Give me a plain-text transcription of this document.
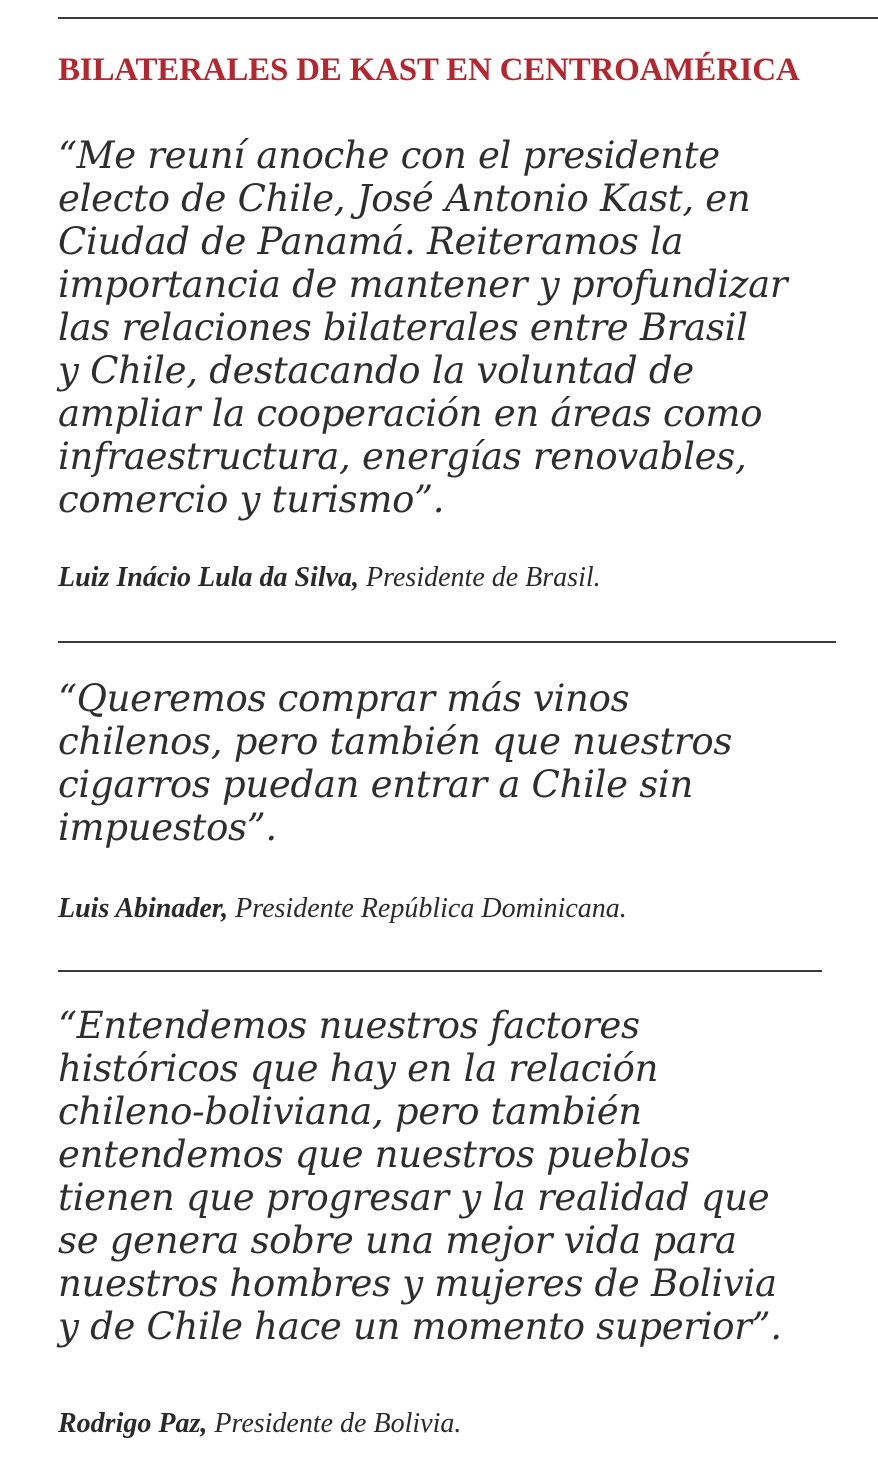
BILATERALES DE KAST EN CENTROAMÉRICA
“Me reuní anoche con el presidente
electo de Chile, José Antonio Kast, en
Ciudad de Panamá. Reiteramos la
importancia de mantener y profundizar
las relaciones bilaterales entre Brasil
y Chile, destacando la voluntad de
ampliar la cooperación en áreas como
infraestructura, energías renovables,
comercio y turismo”.
Luiz Inácio Lula da Silva, Presidente de Brasil.
“Queremos comprar más vinos
chilenos, pero también que nuestros
cigarros puedan entrar a Chile sin
impuestos”.
Luis Abinader, Presidente República Dominicana.
“Entendemos nuestros factores
históricos que hay en la relación
chileno-boliviana, pero también
entendemos que nuestros pueblos
tienen que progresar y la realidad que
se genera sobre una mejor vida para
nuestros hombres y mujeres de Bolivia
y de Chile hace un momento superior”.
Rodrigo Paz, Presidente de Bolivia.
